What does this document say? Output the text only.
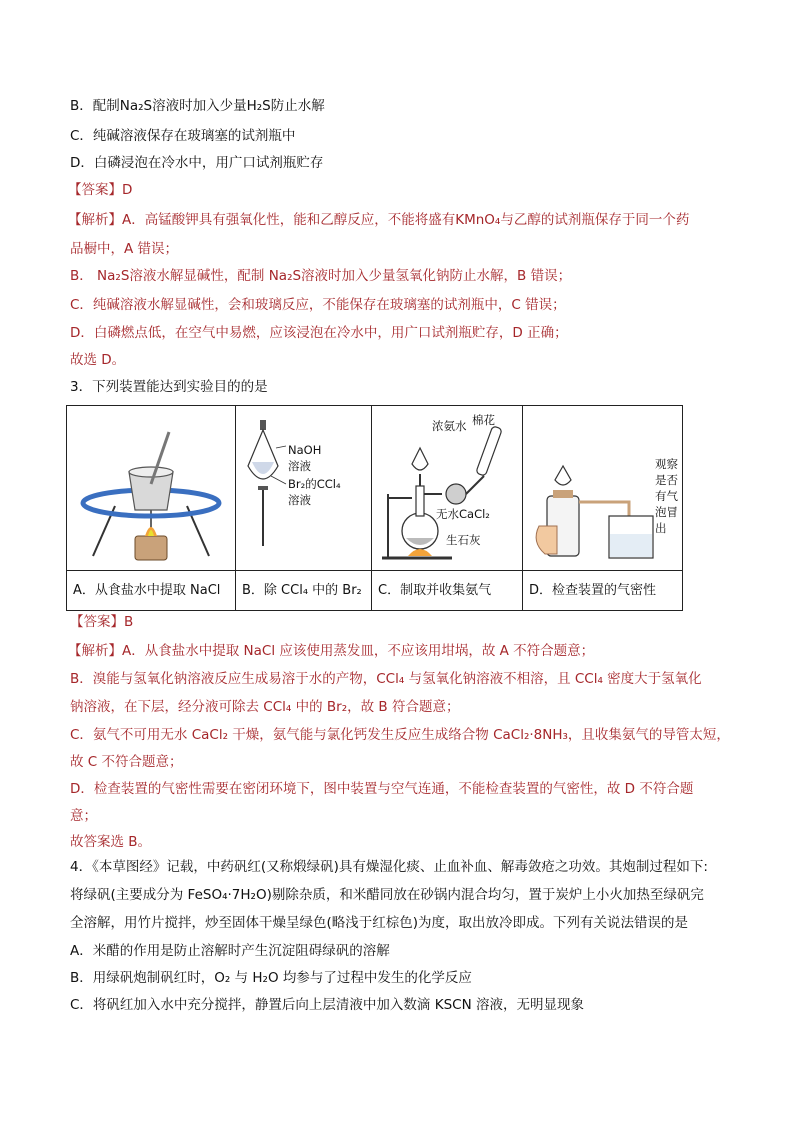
B．配制Na₂S溶液时加入少量H₂S防止水解
C．纯碱溶液保存在玻璃塞的试剂瓶中
D．白磷浸泡在冷水中，用广口试剂瓶贮存
【答案】D
【解析】A．高锰酸钾具有强氧化性，能和乙醇反应，不能将盛有KMnO₄与乙醇的试剂瓶保存于同一个药
品橱中，A 错误；
B． Na₂S溶液水解显碱性，配制 Na₂S溶液时加入少量氢氧化钠防止水解，B 错误；
C．纯碱溶液水解显碱性，会和玻璃反应，不能保存在玻璃塞的试剂瓶中，C 错误；
D．白磷燃点低，在空气中易燃，应该浸泡在冷水中，用广口试剂瓶贮存，D 正确；
故选 D。
3．下列装置能达到实验目的的是
NaOH
溶液
Br₂的CCl₄
溶液
浓氨水 棉花
无水CaCl₂
生石灰
观察
是否
有气
泡冒
出
A．从食盐水中提取 NaCl	B．除 CCl₄ 中的 Br₂	C．制取并收集氨气	D．检查装置的气密性
【答案】B
【解析】A．从食盐水中提取 NaCl 应该使用蒸发皿，不应该用坩埚，故 A 不符合题意；
B．溴能与氢氧化钠溶液反应生成易溶于水的产物，CCl₄ 与氢氧化钠溶液不相溶，且 CCl₄ 密度大于氢氧化
钠溶液，在下层，经分液可除去 CCl₄ 中的 Br₂，故 B 符合题意；
C．氨气不可用无水 CaCl₂ 干燥，氨气能与氯化钙发生反应生成络合物 CaCl₂·8NH₃，且收集氨气的导管太短，
故 C 不符合题意；
D．检查装置的气密性需要在密闭环境下，图中装置与空气连通，不能检查装置的气密性，故 D 不符合题
意；
故答案选 B。
4．《本草图经》记载，中药矾红(又称煅绿矾)具有燥湿化痰、止血补血、解毒敛疮之功效。其炮制过程如下:
将绿矾(主要成分为 FeSO₄·7H₂O)剔除杂质，和米醋同放在砂锅内混合均匀，置于炭炉上小火加热至绿矾完
全溶解，用竹片搅拌，炒至固体干燥呈绿色(略浅于红棕色)为度，取出放冷即成。下列有关说法错误的是
A．米醋的作用是防止溶解时产生沉淀阻碍绿矾的溶解
B．用绿矾炮制矾红时，O₂ 与 H₂O 均参与了过程中发生的化学反应
C．将矾红加入水中充分搅拌，静置后向上层清液中加入数滴 KSCN 溶液，无明显现象
